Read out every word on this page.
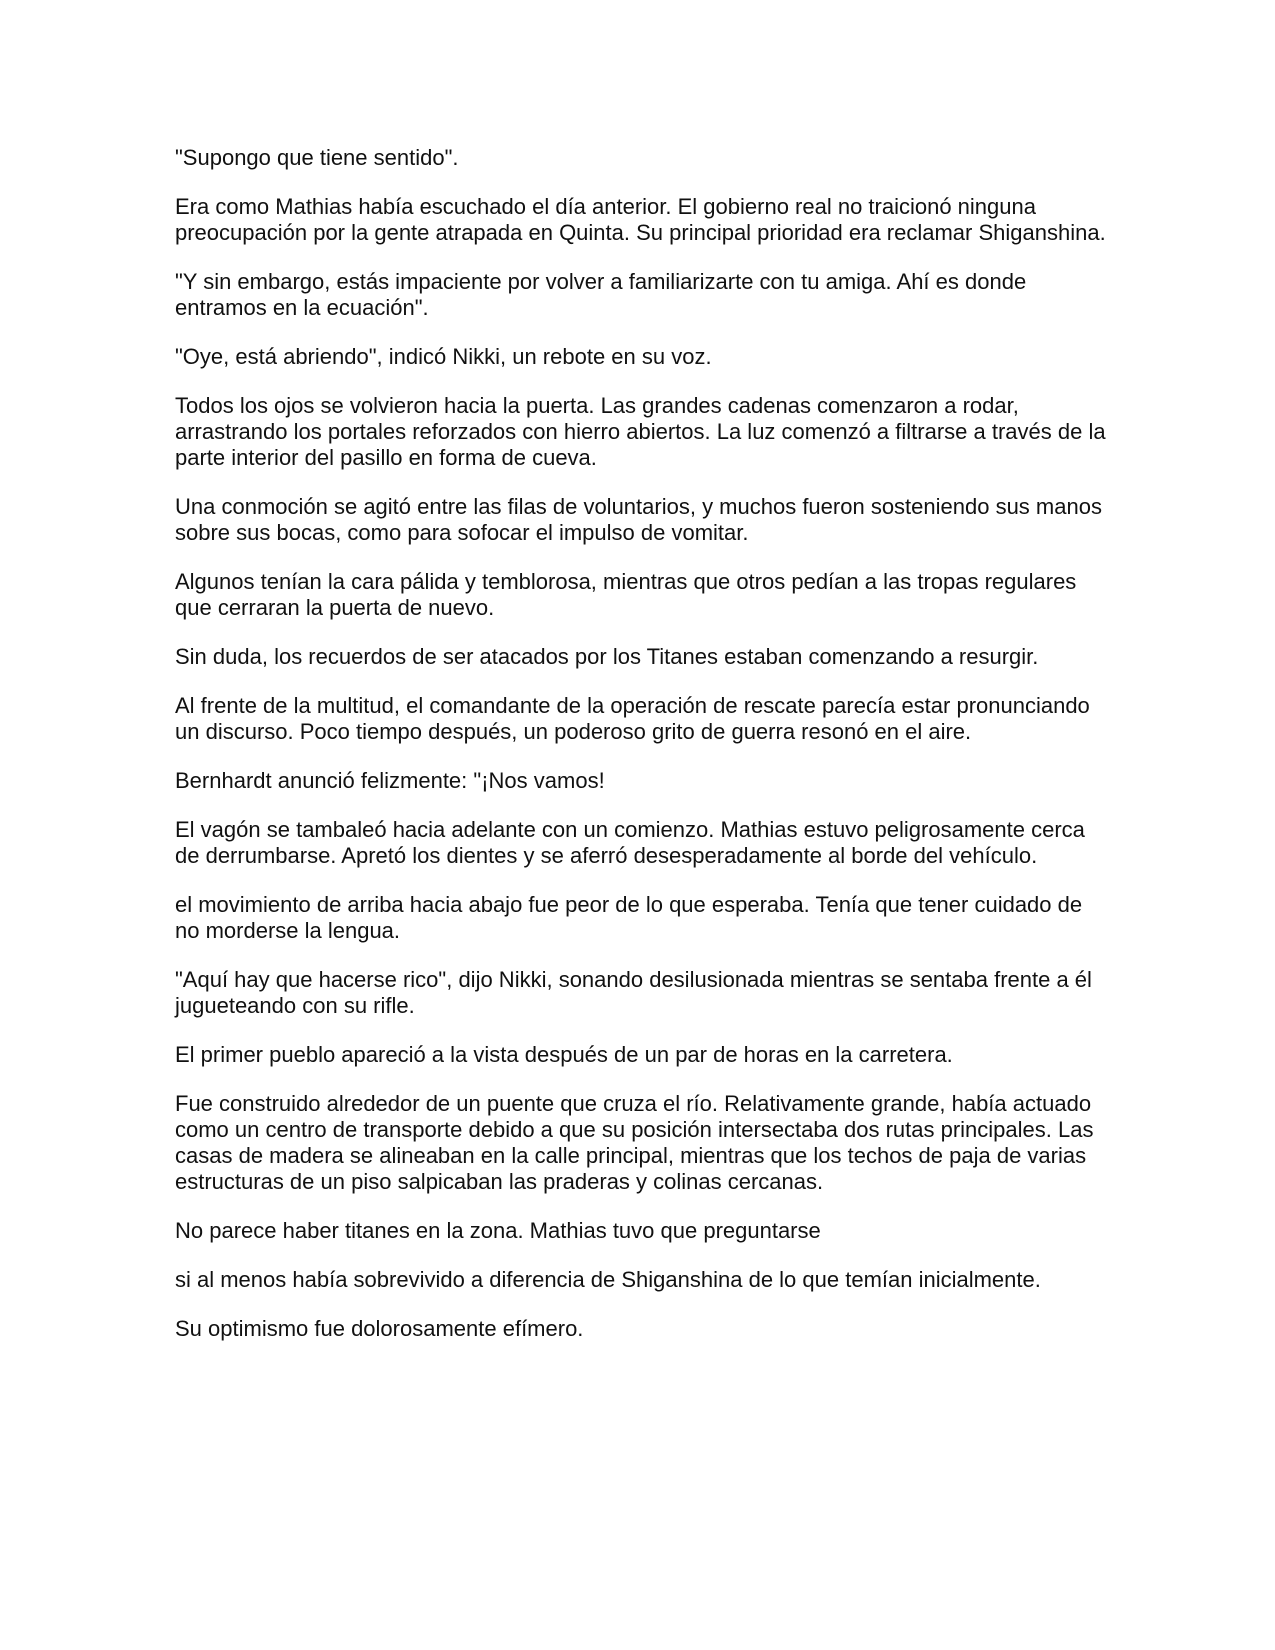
"Supongo que tiene sentido".

Era como Mathias había escuchado el día anterior. El gobierno real no traicionó ninguna preocupación por la gente atrapada en Quinta. Su principal prioridad era reclamar Shiganshina.

"Y sin embargo, estás impaciente por volver a familiarizarte con tu amiga. Ahí es donde entramos en la ecuación".

"Oye, está abriendo", indicó Nikki, un rebote en su voz.

Todos los ojos se volvieron hacia la puerta. Las grandes cadenas comenzaron a rodar, arrastrando los portales reforzados con hierro abiertos. La luz comenzó a filtrarse a través de la parte interior del pasillo en forma de cueva.

Una conmoción se agitó entre las filas de voluntarios, y muchos fueron sosteniendo sus manos sobre sus bocas, como para sofocar el impulso de vomitar.

Algunos tenían la cara pálida y temblorosa, mientras que otros pedían a las tropas regulares que cerraran la puerta de nuevo.

Sin duda, los recuerdos de ser atacados por los Titanes estaban comenzando a resurgir.

Al frente de la multitud, el comandante de la operación de rescate parecía estar pronunciando un discurso. Poco tiempo después, un poderoso grito de guerra resonó en el aire.

Bernhardt anunció felizmente: "¡Nos vamos!

El vagón se tambaleó hacia adelante con un comienzo. Mathias estuvo peligrosamente cerca de derrumbarse. Apretó los dientes y se aferró desesperadamente al borde del vehículo.

el movimiento de arriba hacia abajo fue peor de lo que esperaba. Tenía que tener cuidado de no morderse la lengua.

"Aquí hay que hacerse rico", dijo Nikki, sonando desilusionada mientras se sentaba frente a él jugueteando con su rifle.

El primer pueblo apareció a la vista después de un par de horas en la carretera.

Fue construido alrededor de un puente que cruza el río. Relativamente grande, había actuado como un centro de transporte debido a que su posición intersectaba dos rutas principales. Las casas de madera se alineaban en la calle principal, mientras que los techos de paja de varias estructuras de un piso salpicaban las praderas y colinas cercanas.

No parece haber titanes en la zona. Mathias tuvo que preguntarse

si al menos había sobrevivido a diferencia de Shiganshina de lo que temían inicialmente.

Su optimismo fue dolorosamente efímero.
